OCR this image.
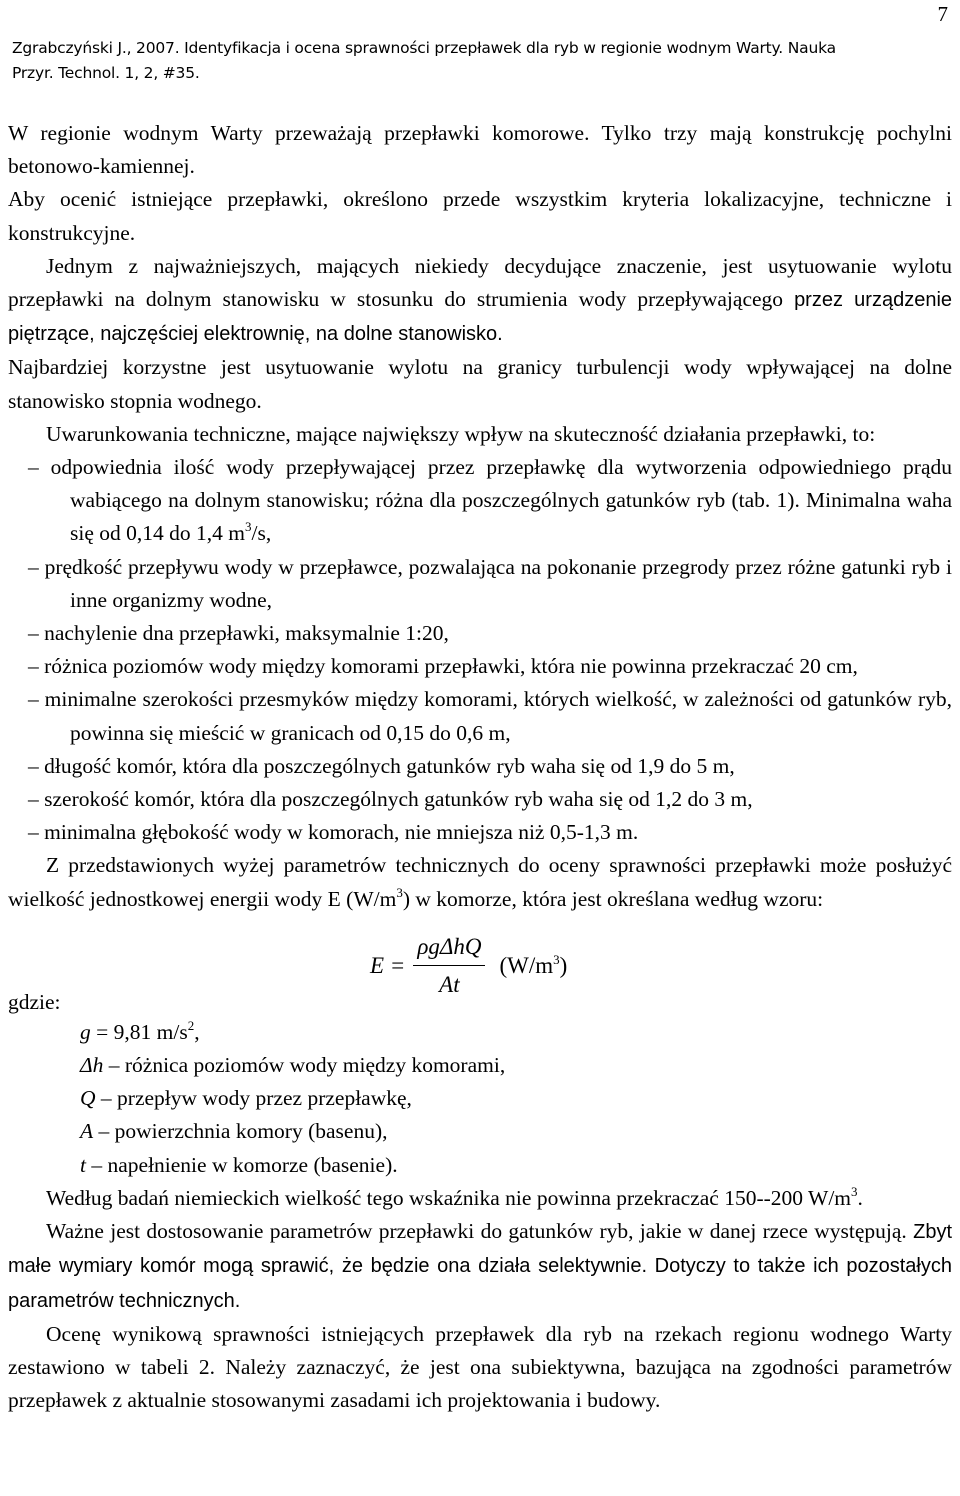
7
Zgrabczyński J., 2007. Identyfikacja i ocena sprawności przepławek dla ryb w regionie wodnym Warty. Nauka
Przyr. Technol. 1, 2, #35.

W regionie wodnym Warty przeważają przepławki komorowe. Tylko trzy mają konstrukcję pochylni betonowo-kamiennej.

Aby ocenić istniejące przepławki, określono przede wszystkim kryteria lokalizacyjne, techniczne i konstrukcyjne.

Jednym z najważniejszych, mających niekiedy decydujące znaczenie, jest usytuowanie wylotu przepławki na dolnym stanowisku w stosunku do strumienia wody przepływającego przez urządzenie piętrzące, najczęściej elektrownię, na dolne stanowisko.

Najbardziej korzystne jest usytuowanie wylotu na granicy turbulencji wody wpływającej na dolne stanowisko stopnia wodnego.

Uwarunkowania techniczne, mające największy wpływ na skuteczność działania przepławki, to:

– odpowiednia ilość wody przepływającej przez przepławkę dla wytworzenia odpowiedniego prądu wabiącego na dolnym stanowisku; różna dla poszczególnych gatunków ryb (tab. 1). Minimalna waha się od 0,14 do 1,4 $m^3/s$,
– prędkość przepływu wody w przepławce, pozwalająca na pokonanie przegrody przez różne gatunki ryb i inne organizmy wodne,
– nachylenie dna przepławki, maksymalnie 1:20,
– różnica poziomów wody między komorami przepławki, która nie powinna przekraczać 20 cm,
– minimalne szerokości przesmyków między komorami, których wielkość, w zależności od gatunków ryb, powinna się mieścić w granicach od 0,15 do 0,6 m,
– długość komór, która dla poszczególnych gatunków ryb waha się od 1,9 do 5 m,
– szerokość komór, która dla poszczególnych gatunków ryb waha się od 1,2 do 3 m,
– minimalna głębokość wody w komorach, nie mniejsza niż 0,5-1,3 m.

Z przedstawionych wyżej parametrów technicznych do oceny sprawności przepławki może posłużyć wielkość jednostkowej energii wody E $(W/m^3)$ w komorze, która jest określana według wzoru:

$E = \frac{\text{ρgΔhQ}}{At} (W/m^3)$
gdzie:
g = 9,81 $m/s^2$,
Δh – różnica poziomów wody między komorami,
Q – przepływ wody przez przepławkę,
A – powierzchnia komory (basenu),
t – napełnienie w komorze (basenie).

Według badań niemieckich wielkość tego wskaźnika nie powinna przekraczać 150--200 $W/m^3$.

Ważne jest dostosowanie parametrów przepławki do gatunków ryb, jakie w danej rzece występują. Zbyt małe wymiary komór mogą sprawić, że będzie ona działa selektywnie. Dotyczy to także ich pozostałych parametrów technicznych.

Ocenę wynikową sprawności istniejących przepławek dla ryb na rzekach regionu wodnego Warty zestawiono w tabeli 2. Należy zaznaczyć, że jest ona subiektywna, bazująca na zgodności parametrów przepławek z aktualnie stosowanymi zasadami ich projektowania i budowy.
